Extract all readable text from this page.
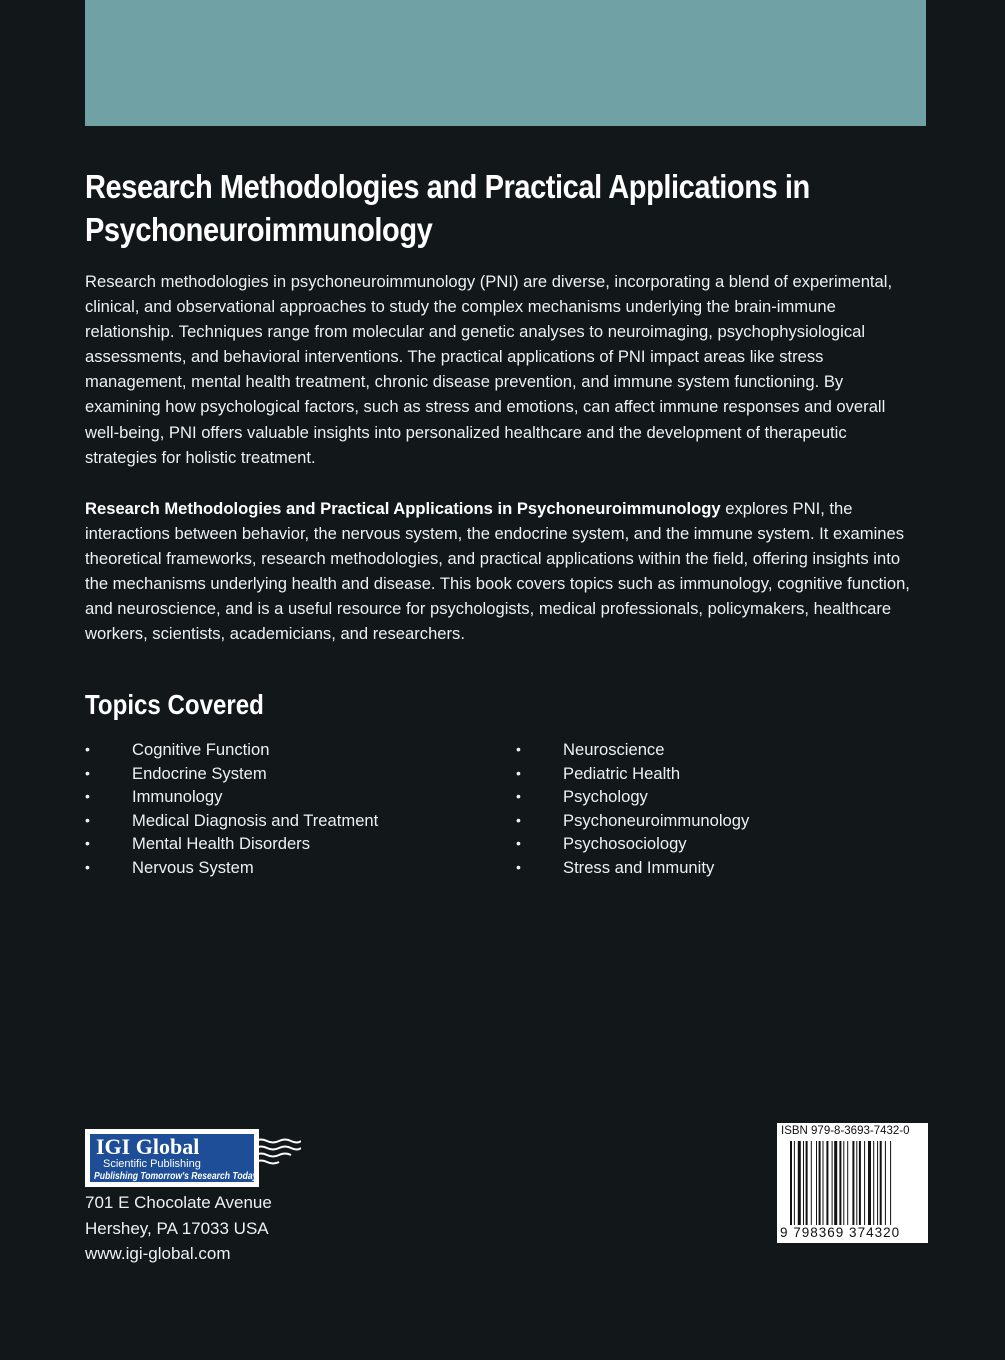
Research Methodologies and Practical Applications in Psychoneuroimmunology

Research methodologies in psychoneuroimmunology (PNI) are diverse, incorporating a blend of experimental, clinical, and observational approaches to study the complex mechanisms underlying the brain-immune relationship. Techniques range from molecular and genetic analyses to neuroimaging, psychophysiological assessments, and behavioral interventions. The practical applications of PNI impact areas like stress management, mental health treatment, chronic disease prevention, and immune system functioning. By examining how psychological factors, such as stress and emotions, can affect immune responses and overall well-being, PNI offers valuable insights into personalized healthcare and the development of therapeutic strategies for holistic treatment.

Research Methodologies and Practical Applications in Psychoneuroimmunology explores PNI, the interactions between behavior, the nervous system, the endocrine system, and the immune system. It examines theoretical frameworks, research methodologies, and practical applications within the field, offering insights into the mechanisms underlying health and disease. This book covers topics such as immunology, cognitive function, and neuroscience, and is a useful resource for psychologists, medical professionals, policymakers, healthcare workers, scientists, academicians, and researchers.

Topics Covered
•	Cognitive Function
•	Endocrine System
•	Immunology
•	Medical Diagnosis and Treatment
•	Mental Health Disorders
•	Nervous System
•	Neuroscience
•	Pediatric Health
•	Psychology
•	Psychoneuroimmunology
•	Psychosociology
•	Stress and Immunity
IGI Global
Scientific Publishing
Publishing Tomorrow's Research Today

701 E Chocolate Avenue
Hershey, PA 17033 USA
www.igi-global.com

ISBN 979-8-3693-7432-0
9 798369 374320
